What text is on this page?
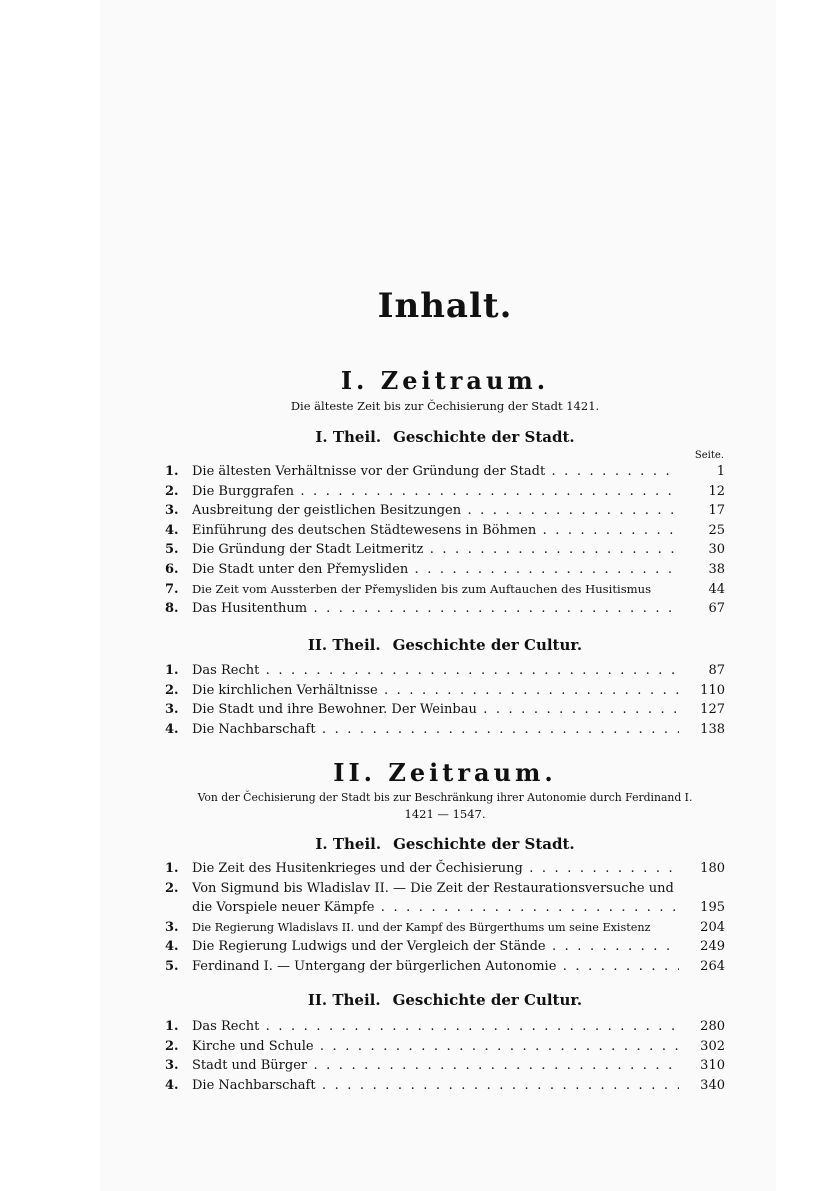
Inhalt.
I. Zeitraum.
Die älteste Zeit bis zur Čechisierung der Stadt 1421.
I. Theil. Geschichte der Stadt.
Seite.
1.	Die ältesten Verhältnisse vor der Gründung der Stadt . . .	1
2.	Die Burggrafen . . .	12
3.	Ausbreitung der geistlichen Besitzungen . . .	17
4.	Einführung des deutschen Städtewesens in Böhmen . . .	25
5.	Die Gründung der Stadt Leitmeritz . . .	30
6.	Die Stadt unter den Přemysliden . . .	38
7.	Die Zeit vom Aussterben der Přemysliden bis zum Auftauchen des Husitismus	44
8.	Das Husitenthum . . .	67
II. Theil. Geschichte der Cultur.
1.	Das Recht . . .	87
2.	Die kirchlichen Verhältnisse . . .	110
3.	Die Stadt und ihre Bewohner. Der Weinbau . . .	127
4.	Die Nachbarschaft . . .	138
II. Zeitraum.
Von der Čechisierung der Stadt bis zur Beschränkung ihrer Autonomie durch Ferdinand I.
1421 — 1547.
I. Theil. Geschichte der Stadt.
1.	Die Zeit des Husitenkrieges und der Čechisierung . . .	180
2.	Von Sigmund bis Wladislav II. — Die Zeit der Restaurationsversuche und
die Vorspiele neuer Kämpfe . . .	195
3.	Die Regierung Wladislavs II. und der Kampf des Bürgerthums um seine Existenz	204
4.	Die Regierung Ludwigs und der Vergleich der Stände . . .	249
5.	Ferdinand I. — Untergang der bürgerlichen Autonomie . . .	264
II. Theil. Geschichte der Cultur.
1.	Das Recht . . .	280
2.	Kirche und Schule . . .	302
3.	Stadt und Bürger . . .	310
4.	Die Nachbarschaft . . .	340
